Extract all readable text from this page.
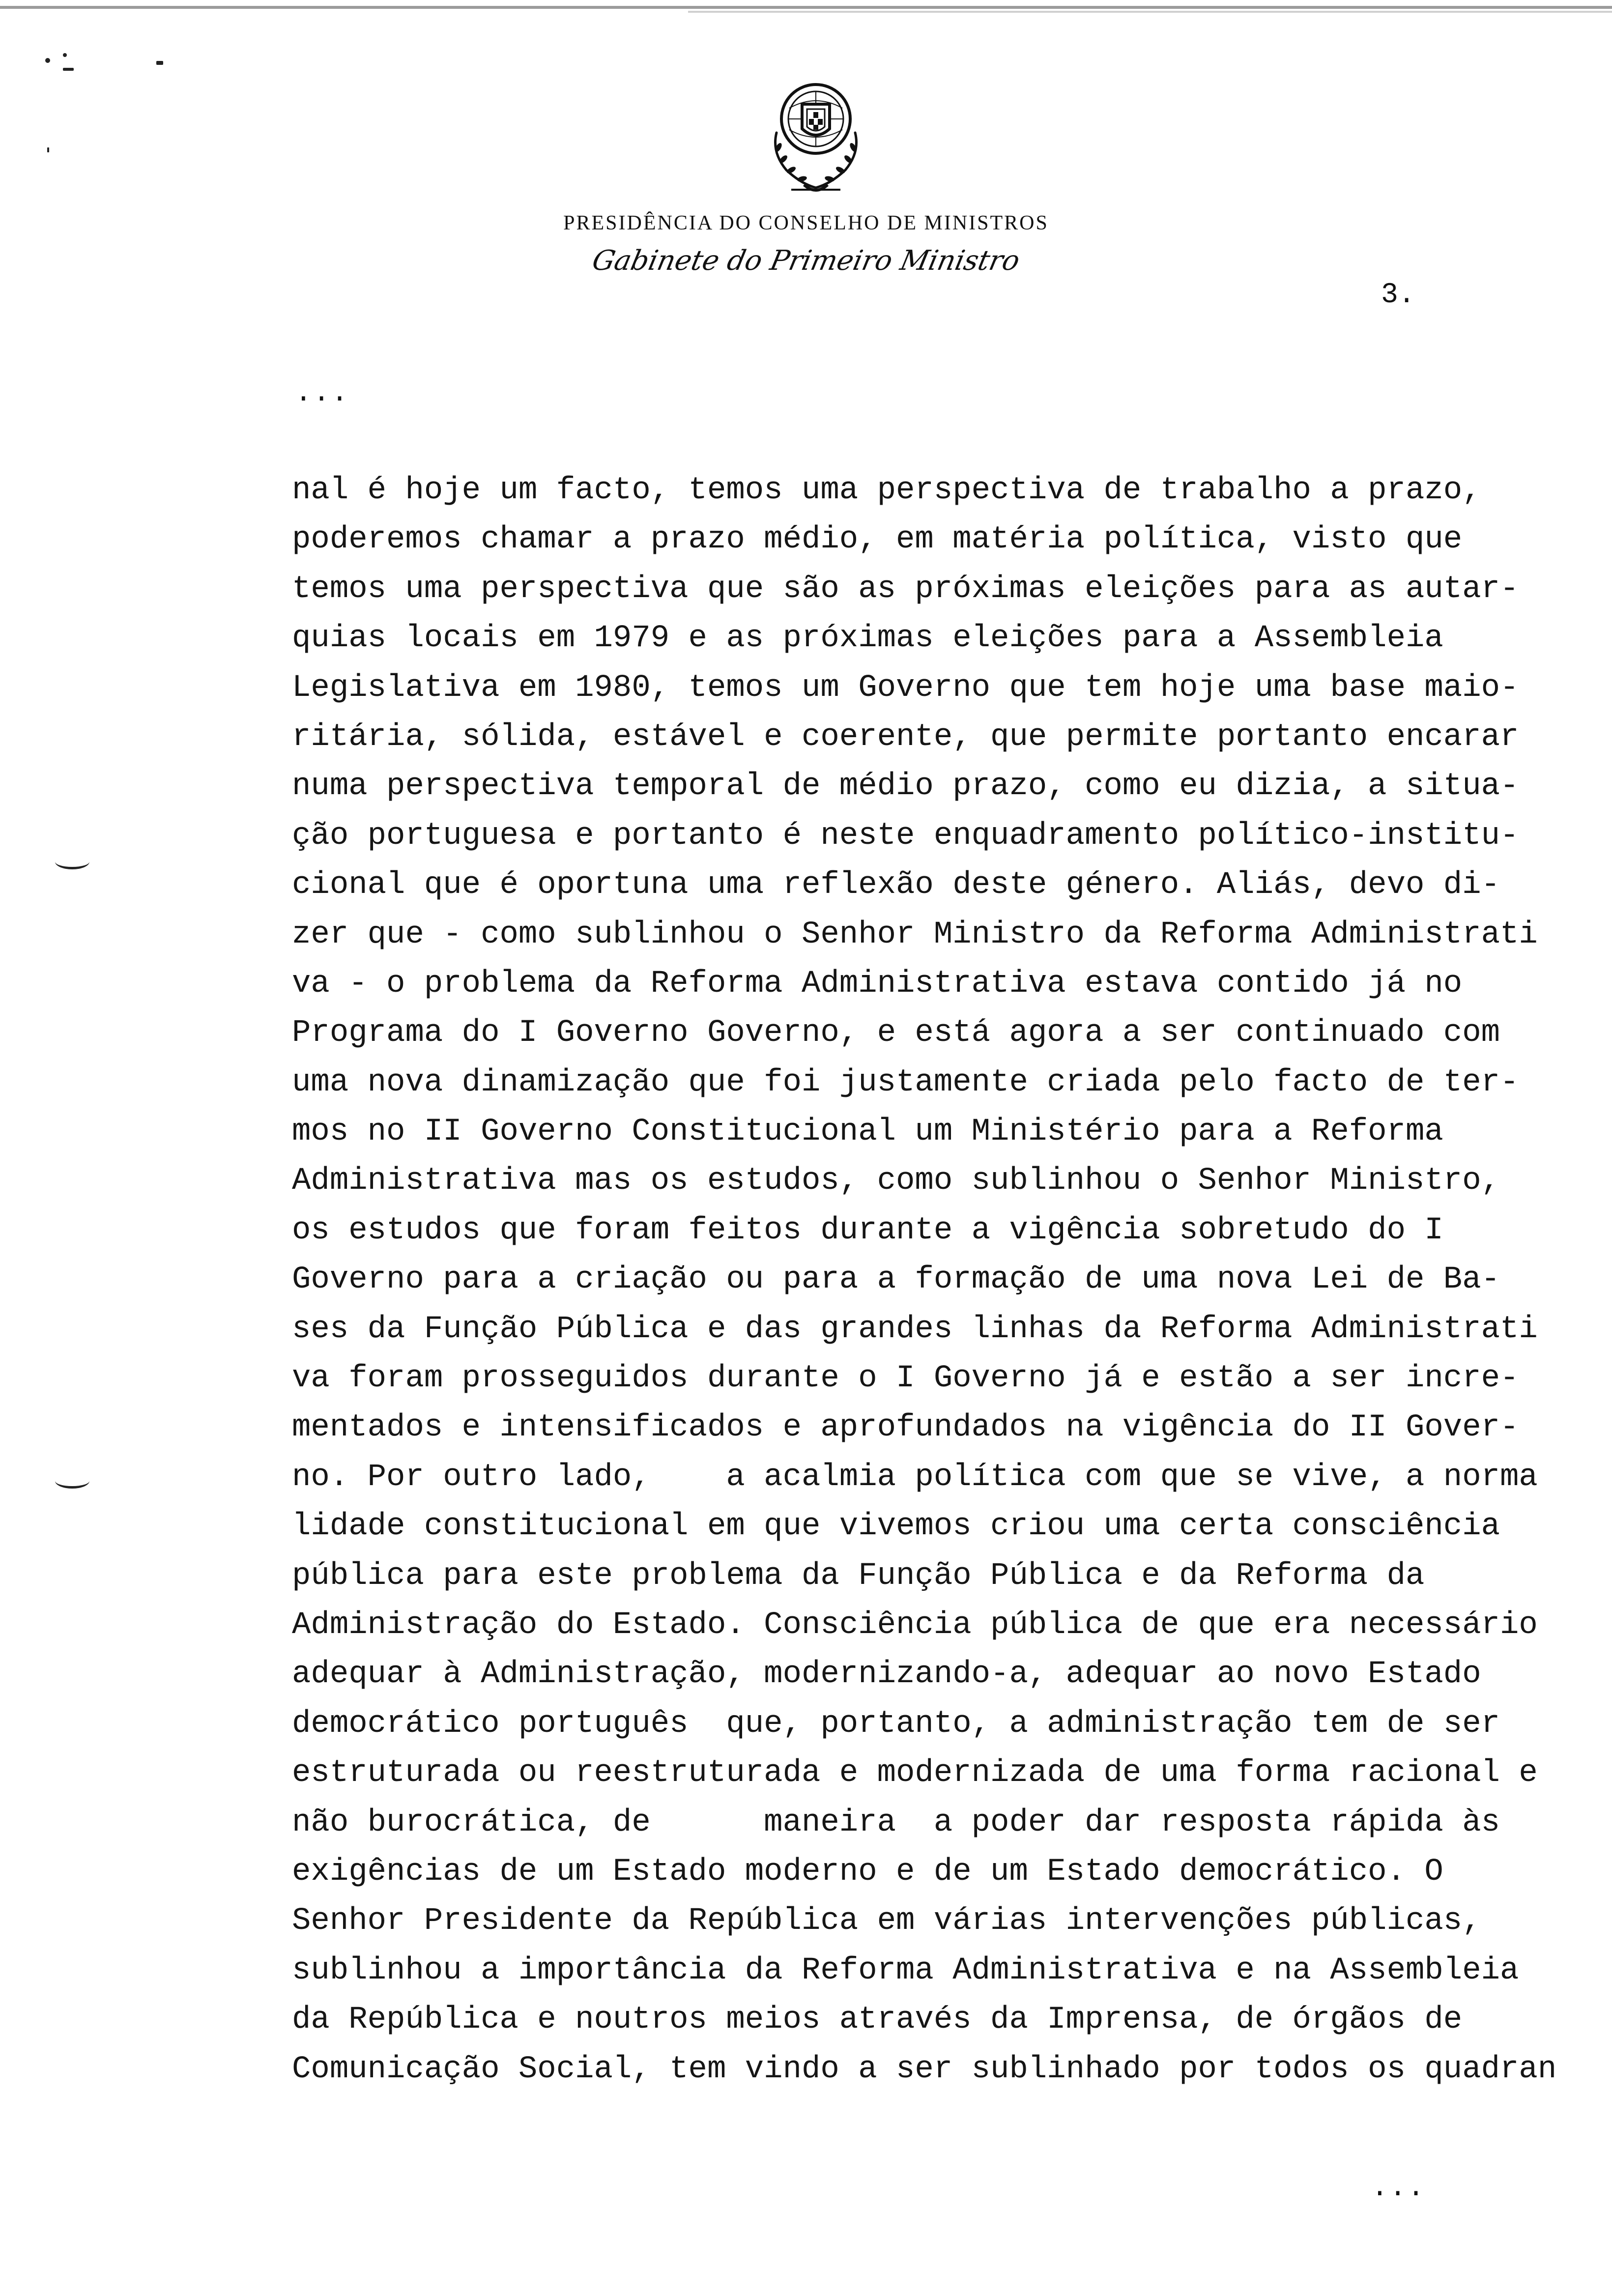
PRESIDÊNCIA DO CONSELHO DE MINISTROS
Gabinete do Primeiro Ministro
3.
...
nal é hoje um facto, temos uma perspectiva de trabalho a prazo,
poderemos chamar a prazo médio, em matéria política, visto que
temos uma perspectiva que são as próximas eleições para as autar-
quias locais em 1979 e as próximas eleições para a Assembleia
Legislativa em 1980, temos um Governo que tem hoje uma base maio-
ritária, sólida, estável e coerente, que permite portanto encarar
numa perspectiva temporal de médio prazo, como eu dizia, a situa-
ção portuguesa e portanto é neste enquadramento político-institu-
cional que é oportuna uma reflexão deste género. Aliás, devo di-
zer que - como sublinhou o Senhor Ministro da Reforma Administrati
va - o problema da Reforma Administrativa estava contido já no
Programa do I Governo Governo, e está agora a ser continuado com
uma nova dinamização que foi justamente criada pelo facto de ter-
mos no II Governo Constitucional um Ministério para a Reforma
Administrativa mas os estudos, como sublinhou o Senhor Ministro,
os estudos que foram feitos durante a vigência sobretudo do I
Governo para a criação ou para a formação de uma nova Lei de Ba-
ses da Função Pública e das grandes linhas da Reforma Administrati
va foram prosseguidos durante o I Governo já e estão a ser incre-
mentados e intensificados e aprofundados na vigência do II Gover-
no. Por outro lado,    a acalmia política com que se vive, a norma
lidade constitucional em que vivemos criou uma certa consciência
pública para este problema da Função Pública e da Reforma da
Administração do Estado. Consciência pública de que era necessário
adequar à Administração, modernizando-a, adequar ao novo Estado
democrático português  que, portanto, a administração tem de ser
estruturada ou reestruturada e modernizada de uma forma racional e
não burocrática, de      maneira  a poder dar resposta rápida às
exigências de um Estado moderno e de um Estado democrático. O
Senhor Presidente da República em várias intervenções públicas,
sublinhou a importância da Reforma Administrativa e na Assembleia
da República e noutros meios através da Imprensa, de órgãos de
Comunicação Social, tem vindo a ser sublinhado por todos os quadran
...
